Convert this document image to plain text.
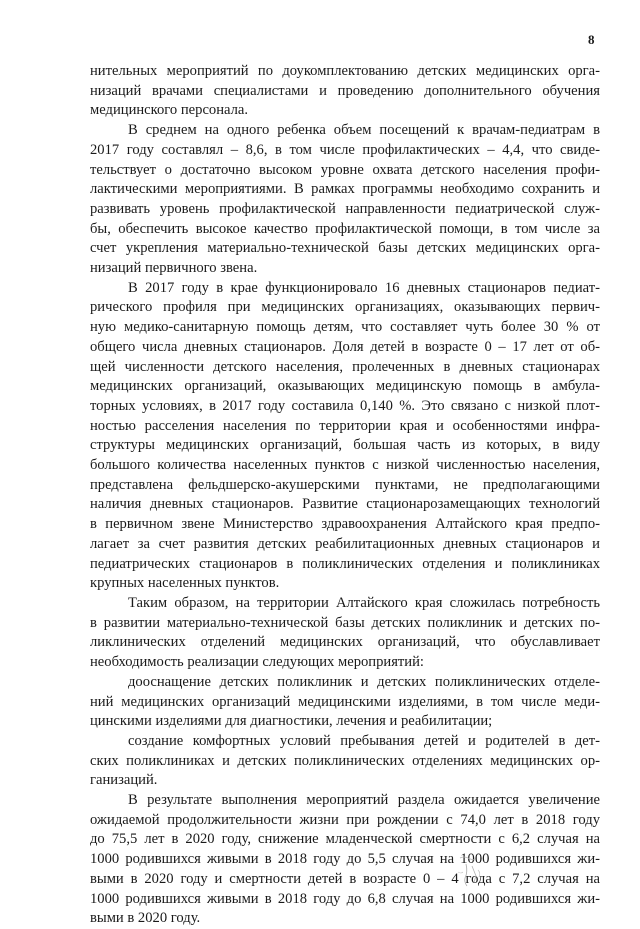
8
нительных мероприятий по доукомплектованию детских медицинских орга-
низаций врачами специалистами и проведению дополнительного обучения
медицинского персонала.
В среднем на одного ребенка объем посещений к врачам-педиатрам в
2017 году составлял – 8,6, в том числе профилактических – 4,4, что свиде-
тельствует о достаточно высоком уровне охвата детского населения профи-
лактическими мероприятиями. В рамках программы необходимо сохранить и
развивать уровень профилактической направленности педиатрической служ-
бы, обеспечить высокое качество профилактической помощи, в том числе за
счет укрепления материально-технической базы детских медицинских орга-
низаций первичного звена.
В 2017 году в крае функционировало 16 дневных стационаров педиат-
рического профиля при медицинских организациях, оказывающих первич-
ную медико-санитарную помощь детям, что составляет чуть более 30 % от
общего числа дневных стационаров. Доля детей в возрасте 0 – 17 лет от об-
щей численности детского населения, пролеченных в дневных стационарах
медицинских организаций, оказывающих медицинскую помощь в амбула-
торных условиях, в 2017 году составила 0,140 %. Это связано с низкой плот-
ностью расселения населения по территории края и особенностями инфра-
структуры медицинских организаций, большая часть из которых, в виду
большого количества населенных пунктов с низкой численностью населения,
представлена фельдшерско-акушерскими пунктами, не предполагающими
наличия дневных стационаров. Развитие стационарозамещающих технологий
в первичном звене Министерство здравоохранения Алтайского края предпо-
лагает за счет развития детских реабилитационных дневных стационаров и
педиатрических стационаров в поликлинических отделения и поликлиниках
крупных населенных пунктов.
Таким образом, на территории Алтайского края сложилась потребность
в развитии материально-технической базы детских поликлиник и детских по-
ликлинических отделений медицинских организаций, что обуславливает
необходимость реализации следующих мероприятий:
дооснащение детских поликлиник и детских поликлинических отделе-
ний медицинских организаций медицинскими изделиями, в том числе меди-
цинскими изделиями для диагностики, лечения и реабилитации;
создание комфортных условий пребывания детей и родителей в дет-
ских поликлиниках и детских поликлинических отделениях медицинских ор-
ганизаций.
В результате выполнения мероприятий раздела ожидается увеличение
ожидаемой продолжительности жизни при рождении с 74,0 лет в 2018 году
до 75,5 лет в 2020 году, снижение младенческой смертности с 6,2 случая на
1000 родившихся живыми в 2018 году до 5,5 случая на 1000 родившихся жи-
выми в 2020 году и смертности детей в возрасте 0 – 4 года с 7,2 случая на
1000 родившихся живыми в 2018 году до 6,8 случая на 1000 родившихся жи-
выми в 2020 году.
